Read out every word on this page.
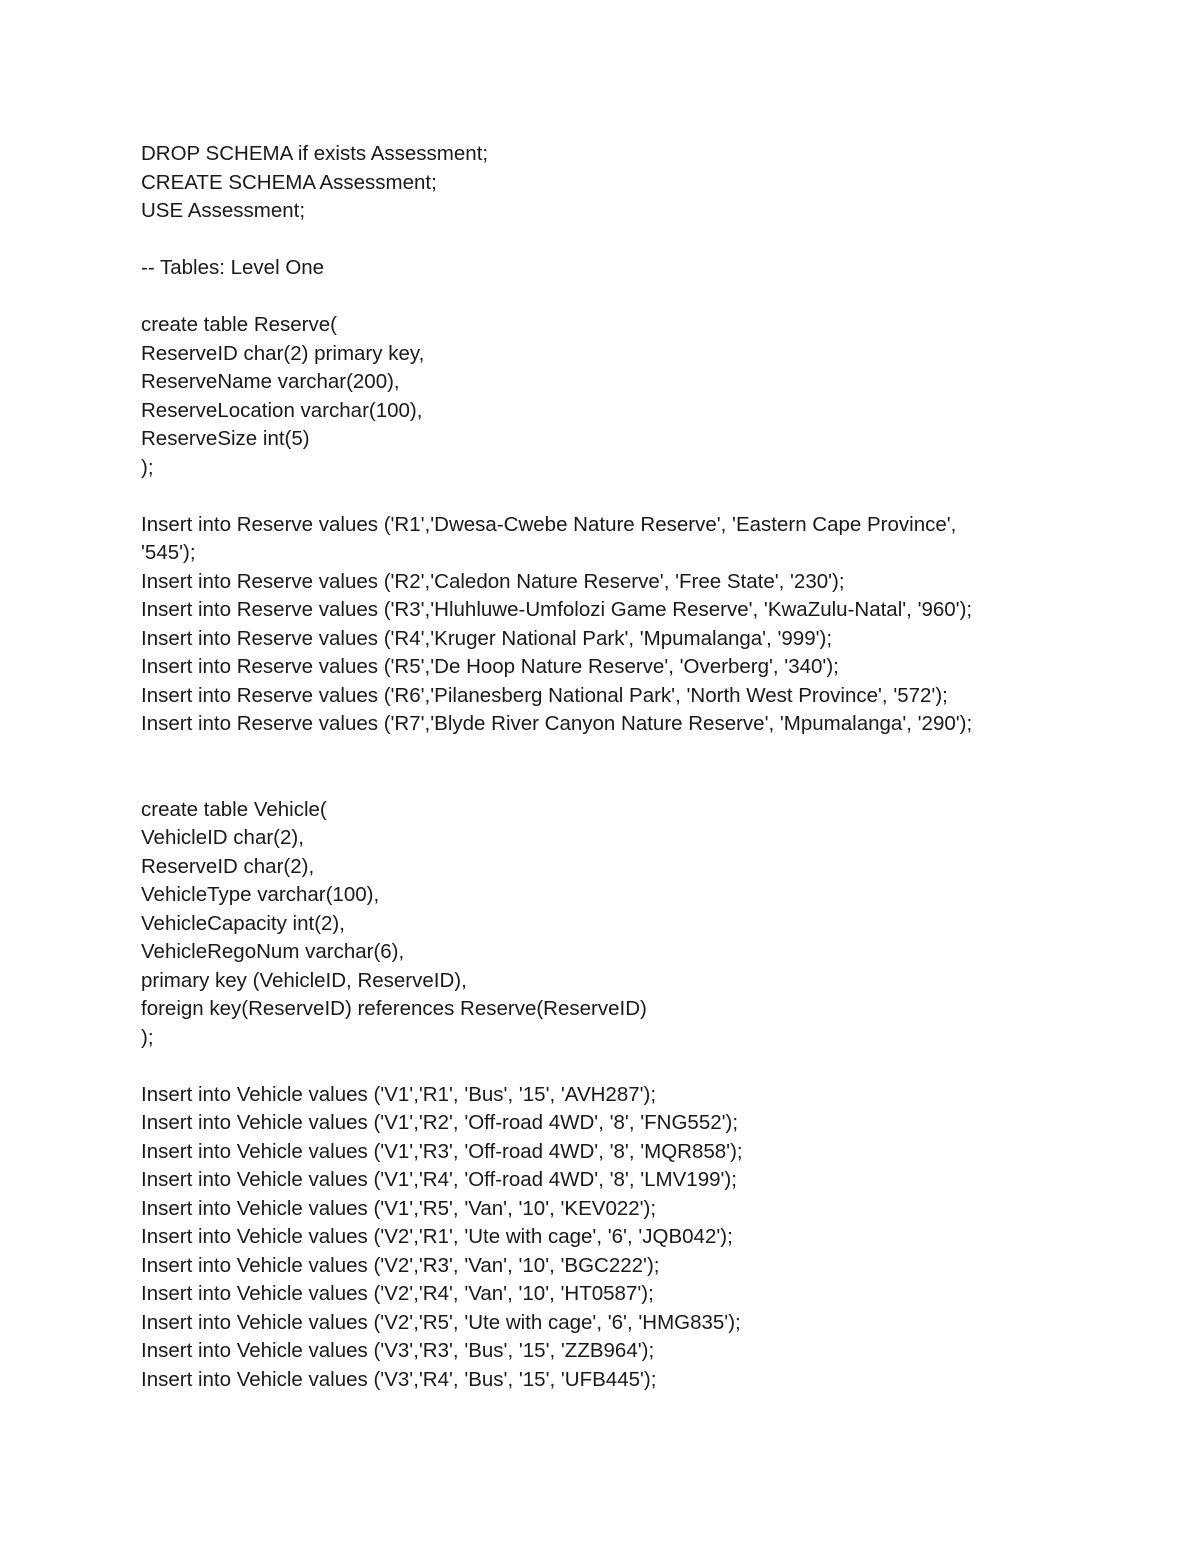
DROP SCHEMA if exists Assessment;
CREATE SCHEMA Assessment;
USE Assessment;
-- Tables: Level One
create table Reserve(
ReserveID char(2) primary key,
ReserveName varchar(200),
ReserveLocation varchar(100),
ReserveSize int(5)
);
Insert into Reserve values ('R1','Dwesa-Cwebe Nature Reserve', 'Eastern Cape Province',
'545');
Insert into Reserve values ('R2','Caledon Nature Reserve', 'Free State', '230');
Insert into Reserve values ('R3','Hluhluwe-Umfolozi Game Reserve', 'KwaZulu-Natal', '960');
Insert into Reserve values ('R4','Kruger National Park', 'Mpumalanga', '999');
Insert into Reserve values ('R5','De Hoop Nature Reserve', 'Overberg', '340');
Insert into Reserve values ('R6','Pilanesberg National Park', 'North West Province', '572');
Insert into Reserve values ('R7','Blyde River Canyon Nature Reserve', 'Mpumalanga', '290');
create table Vehicle(
VehicleID char(2),
ReserveID char(2),
VehicleType varchar(100),
VehicleCapacity int(2),
VehicleRegoNum varchar(6),
primary key (VehicleID, ReserveID),
foreign key(ReserveID) references Reserve(ReserveID)
);
Insert into Vehicle values ('V1','R1', 'Bus', '15', 'AVH287');
Insert into Vehicle values ('V1','R2', 'Off-road 4WD', '8', 'FNG552');
Insert into Vehicle values ('V1','R3', 'Off-road 4WD', '8', 'MQR858');
Insert into Vehicle values ('V1','R4', 'Off-road 4WD', '8', 'LMV199');
Insert into Vehicle values ('V1','R5', 'Van', '10', 'KEV022');
Insert into Vehicle values ('V2','R1', 'Ute with cage', '6', 'JQB042');
Insert into Vehicle values ('V2','R3', 'Van', '10', 'BGC222');
Insert into Vehicle values ('V2','R4', 'Van', '10', 'HT0587');
Insert into Vehicle values ('V2','R5', 'Ute with cage', '6', 'HMG835');
Insert into Vehicle values ('V3','R3', 'Bus', '15', 'ZZB964');
Insert into Vehicle values ('V3','R4', 'Bus', '15', 'UFB445');
